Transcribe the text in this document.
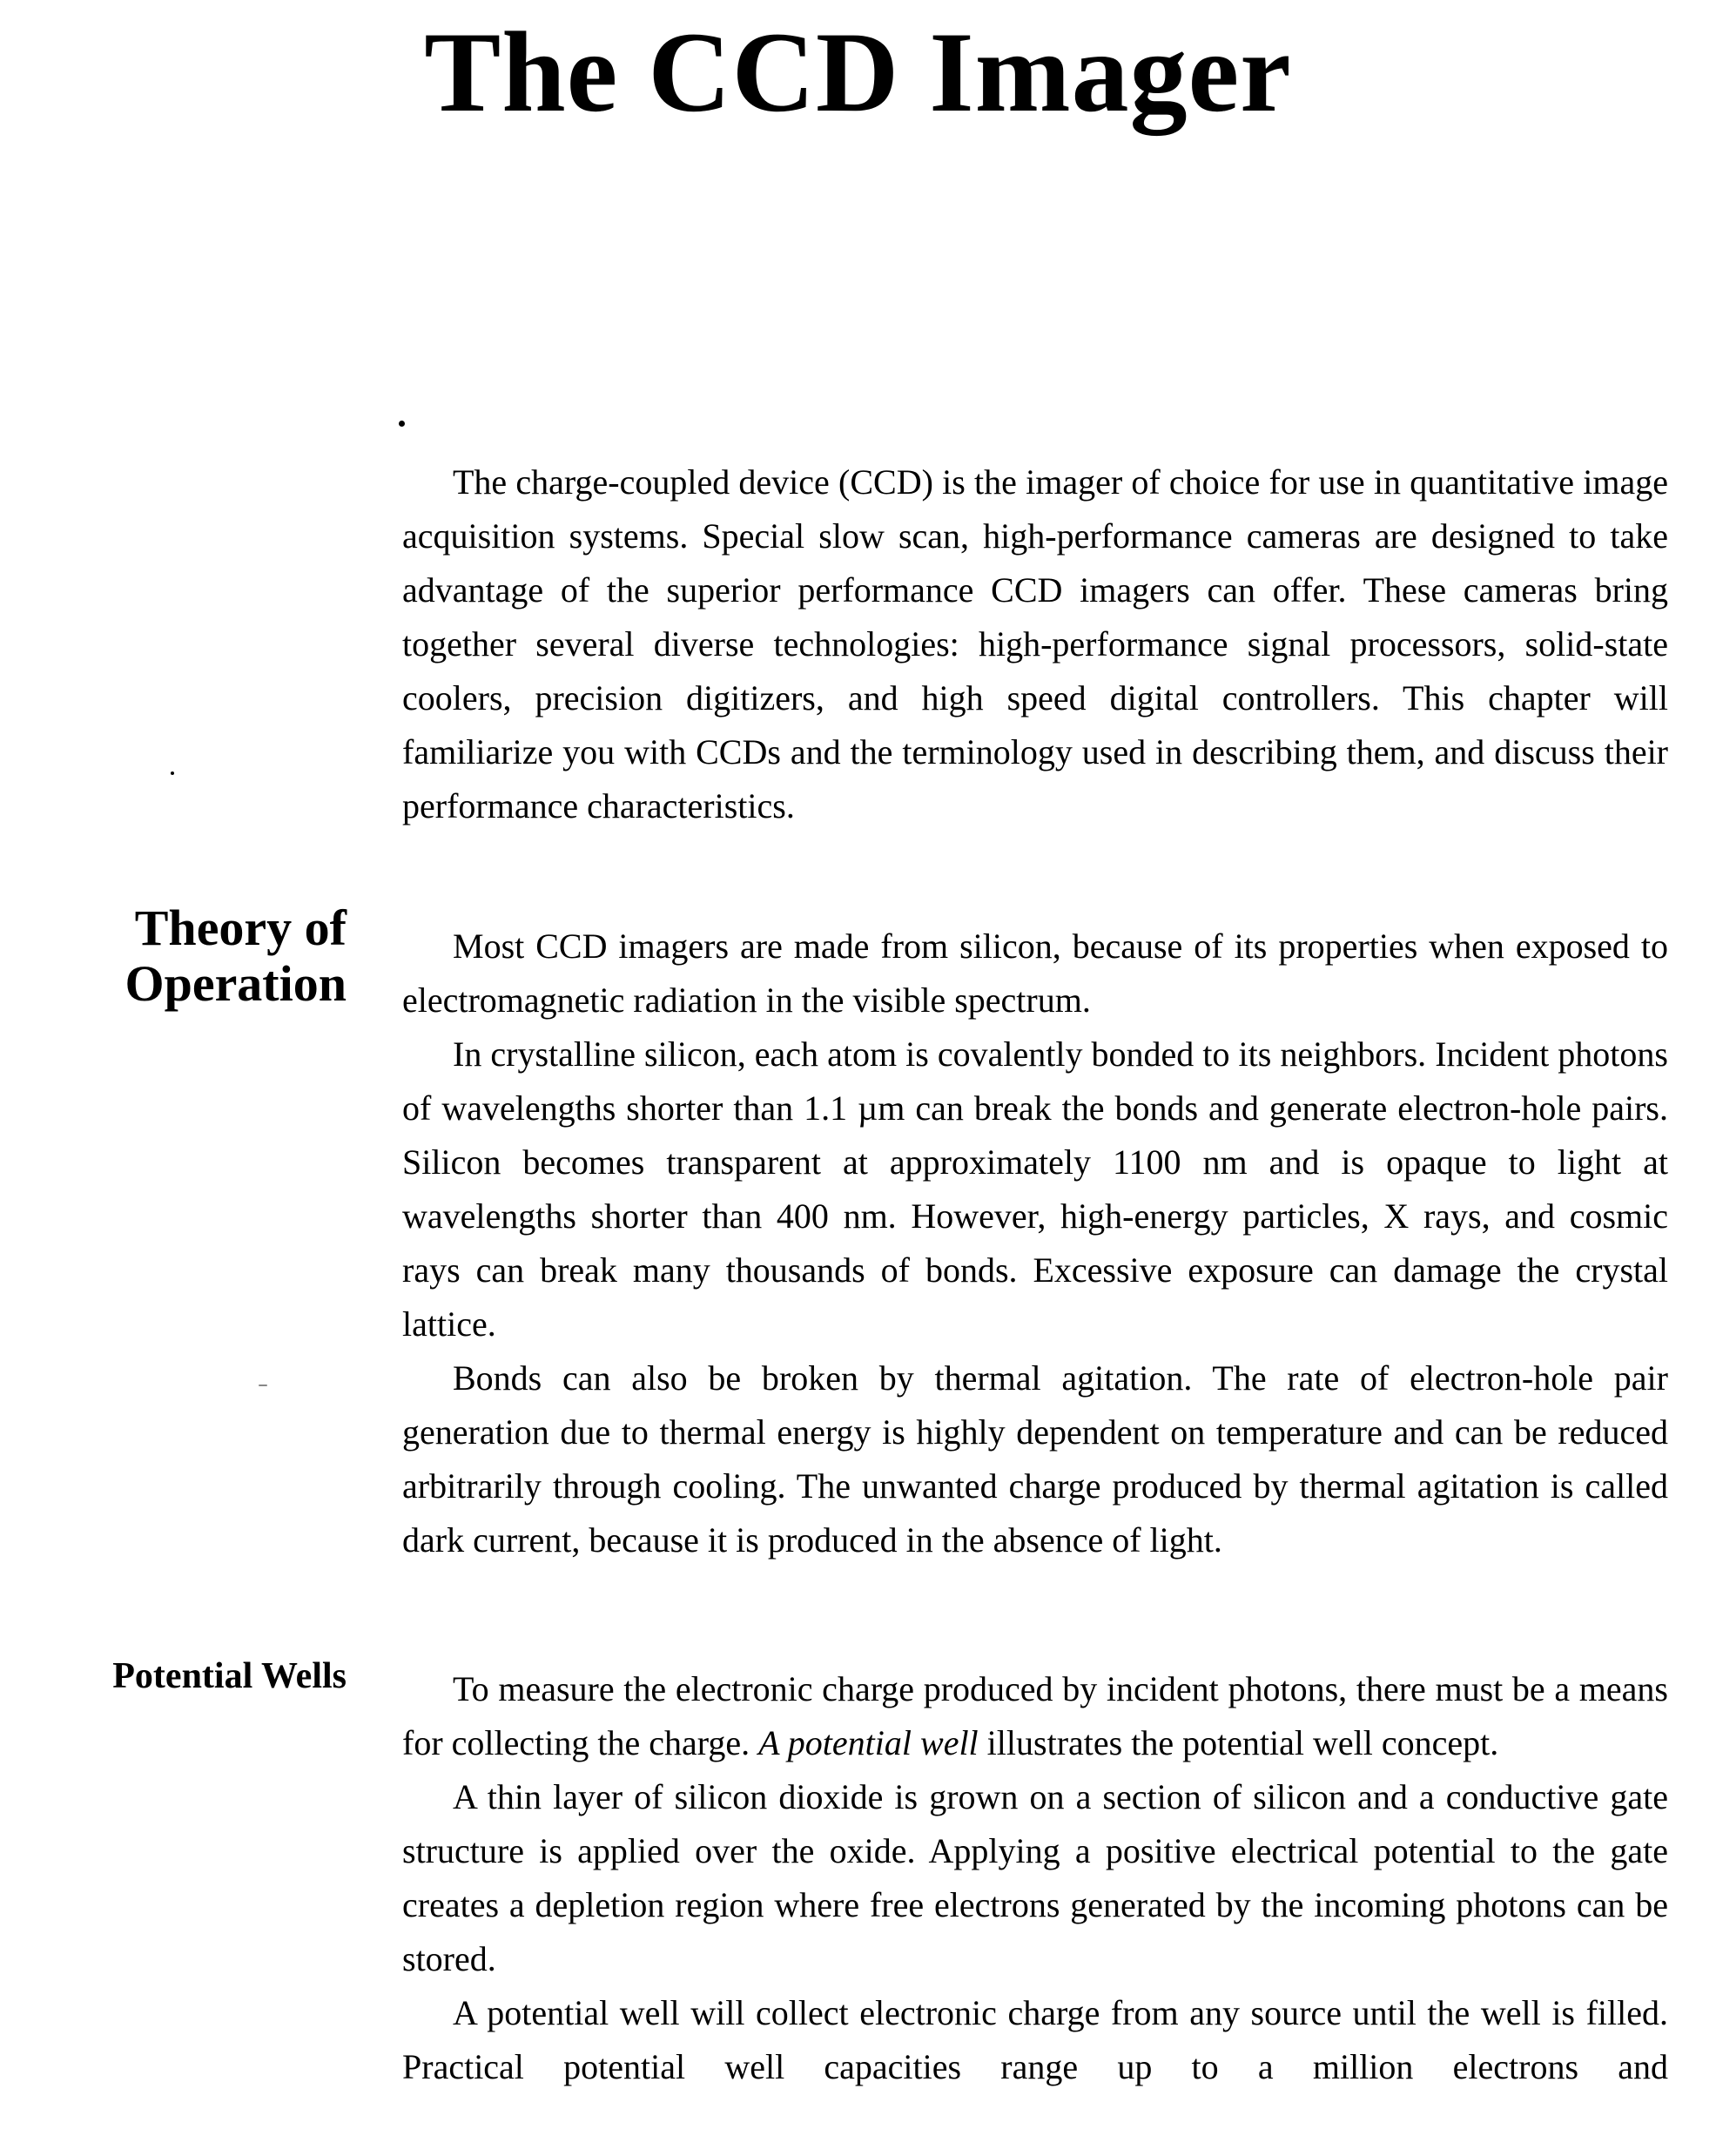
The CCD Imager

The charge-coupled device (CCD) is the imager of choice for use in quantitative image acquisition systems. Special slow scan, high-performance cameras are designed to take advantage of the superior performance CCD imagers can offer. These cameras bring together several diverse technologies: high-performance signal processors, solid-state coolers, precision digitizers, and high speed digital controllers. This chapter will familiarize you with CCDs and the terminology used in describing them, and discuss their performance characteristics.

Theory of
Operation

Most CCD imagers are made from silicon, because of its properties when exposed to electromagnetic radiation in the visible spectrum.

In crystalline silicon, each atom is covalently bonded to its neighbors. Incident photons of wavelengths shorter than 1.1 µm can break the bonds and generate electron-hole pairs. Silicon becomes transparent at approximately 1100 nm and is opaque to light at wavelengths shorter than 400 nm. However, high-energy particles, X rays, and cosmic rays can break many thousands of bonds. Excessive exposure can damage the crystal lattice.

Bonds can also be broken by thermal agitation. The rate of electron-hole pair generation due to thermal energy is highly dependent on temperature and can be reduced arbitrarily through cooling. The unwanted charge produced by thermal agitation is called dark current, because it is produced in the absence of light.

Potential Wells	To measure the electronic charge produced by incident photons, there must be a means for collecting the charge. A potential well illustrates the potential well concept.

A thin layer of silicon dioxide is grown on a section of silicon and a conductive gate structure is applied over the oxide. Applying a positive electrical potential to the gate creates a depletion region where free electrons generated by the incoming photons can be stored.

A potential well will collect electronic charge from any source until the well is filled. Practical potential well capacities range up to a million electrons and
